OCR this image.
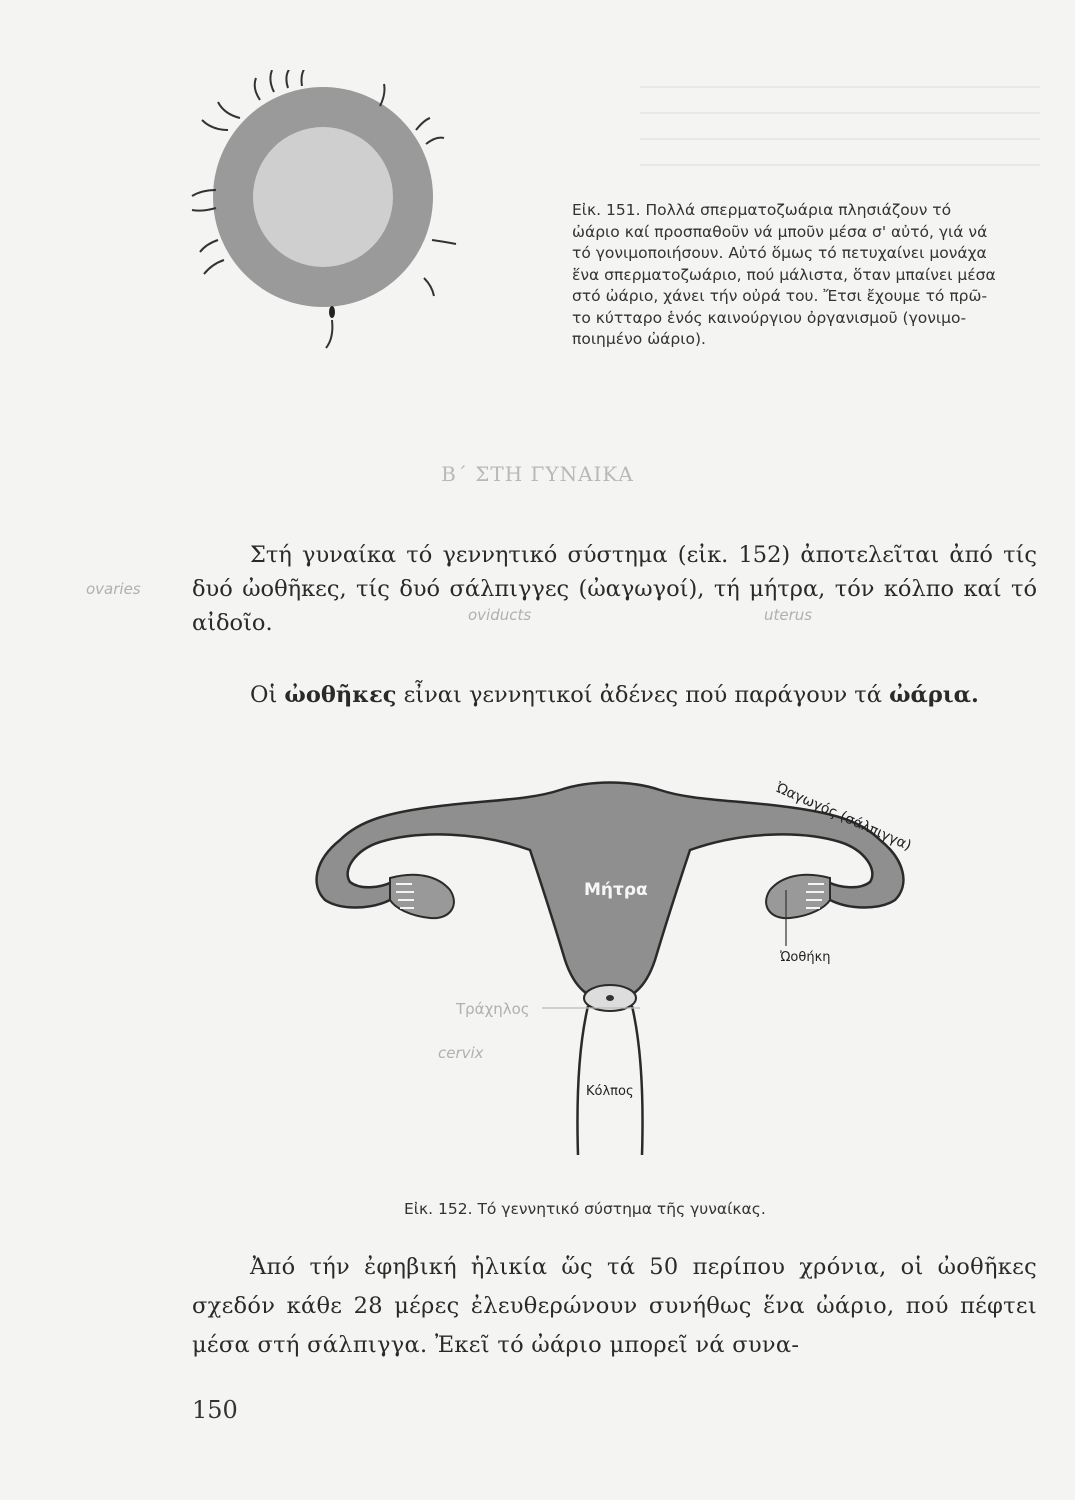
Εἰκ. 151. Πολλά σπερματοζωάρια πλησιάζουν τό
ὠάριο καί προσπαθοῦν νά μποῦν μέσα σ' αὐτό, γιά νά
τό γονιμοποιήσουν. Αὐτό ὅμως τό πετυχαίνει μονάχα
ἕνα σπερματοζωάριο, πού μάλιστα, ὅταν μπαίνει μέσα
στό ὠάριο, χάνει τήν οὐρά του. Ἔτσι ἔχουμε τό πρῶ-
το κύτταρο ἑνός καινούργιου ὀργανισμοῦ (γονιμο-
ποιημένο ὠάριο).
Β΄ ΣΤΗ ΓΥΝΑΙΚΑ
ovaries
oviducts	uterus
Στή γυναίκα τό γεννητικό σύστημα (εἰκ. 152) ἀποτελεῖται ἀπό τίς δυό ὠοθῆκες, τίς δυό σάλπιγγες (ὠαγωγοί), τή μήτρα, τόν κόλπο καί τό αἰδοῖο.
Οἱ ὠοθῆκες εἶναι γεννητικοί ἀδένες πού παράγουν τά ὠάρια.
Ὠαγωγός (σάλπιγγα)
Μήτρα
Ὠοθήκη
Κόλπος
Τράχηλος
cervix
Εἰκ. 152. Τό γεννητικό σύστημα τῆς γυναίκας.
Ἀπό τήν ἐφηβική ἡλικία ὥς τά 50 περίπου χρόνια, οἱ ὠοθῆκες σχεδόν κάθε 28 μέρες ἐλευθερώνουν συνήθως ἕνα ὠάριο, πού πέφτει μέσα στή σάλπιγγα. Ἐκεῖ τό ὠάριο μπορεῖ νά συνα-
150
